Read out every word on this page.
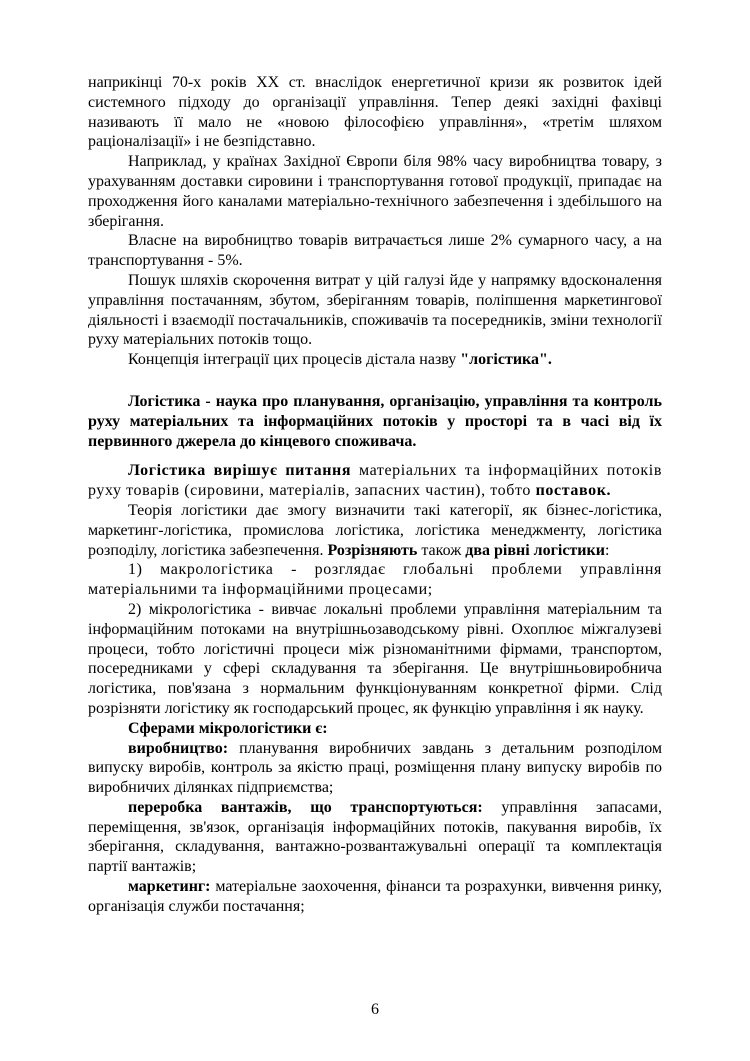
наприкінці 70-х років XX ст. внаслідок енергетичної кризи як розвиток ідей системного підходу до організації управління. Тепер деякі західні фахівці називають її мало не «новою філософією управління», «третім шляхом раціоналізації» і не безпідставно.

Наприклад, у країнах Західної Європи біля 98% часу виробництва товару, з урахуванням доставки сировини і транспортування готової продукції, припадає на проходження його каналами матеріально-технічного забезпечення і здебільшого на зберігання.

Власне на виробництво товарів витрачається лише 2% сумарного часу, а на транспортування - 5%.

Пошук шляхів скорочення витрат у цій галузі йде у напрямку вдосконалення управління постачанням, збутом, зберіганням товарів, поліпшення маркетингової діяльності і взаємодії постачальників, споживачів та посередників, зміни технології руху матеріальних потоків тощо.

Концепція інтеграції цих процесів дістала назву "логістика".

Логістика - наука про планування, організацію, управління та контроль руху матеріальних та інформаційних потоків у просторі та в часі від їх первинного джерела до кінцевого споживача.

Логістика вирішує питання матеріальних та інформаційних потоків руху товарів (сировини, матеріалів, запасних частин), тобто поставок.

Теорія логістики дає змогу визначити такі категорії, як бізнес-логістика, маркетинг-логістика, промислова логістика, логістика менеджменту, логістика розподілу, логістика забезпечення. Розрізняють також два рівні логістики:

1) макрологістика - розглядає глобальні проблеми управління матеріальними та інформаційними процесами;

2) мікрологістика - вивчає локальні проблеми управління матеріальним та інформаційним потоками на внутрішньозаводському рівні. Охоплює міжгалузеві процеси, тобто логістичні процеси між різноманітними фірмами, транспортом, посередниками у сфері складування та зберігання. Це внутрішньовиробнича логістика, пов'язана з нормальним функціонуванням конкретної фірми. Слід розрізняти логістику як господарський процес, як функцію управління і як науку.

Сферами мікрологістики є:

виробництво: планування виробничих завдань з детальним розподілом випуску виробів, контроль за якістю праці, розміщення плану випуску виробів по виробничих ділянках підприємства;

переробка вантажів, що транспортуються: управління запасами, переміщення, зв'язок, організація інформаційних потоків, пакування виробів, їх зберігання, складування, вантажно-розвантажувальні операції та комплектація партії вантажів;

маркетинг: матеріальне заохочення, фінанси та розрахунки, вивчення ринку, організація служби постачання;

6
